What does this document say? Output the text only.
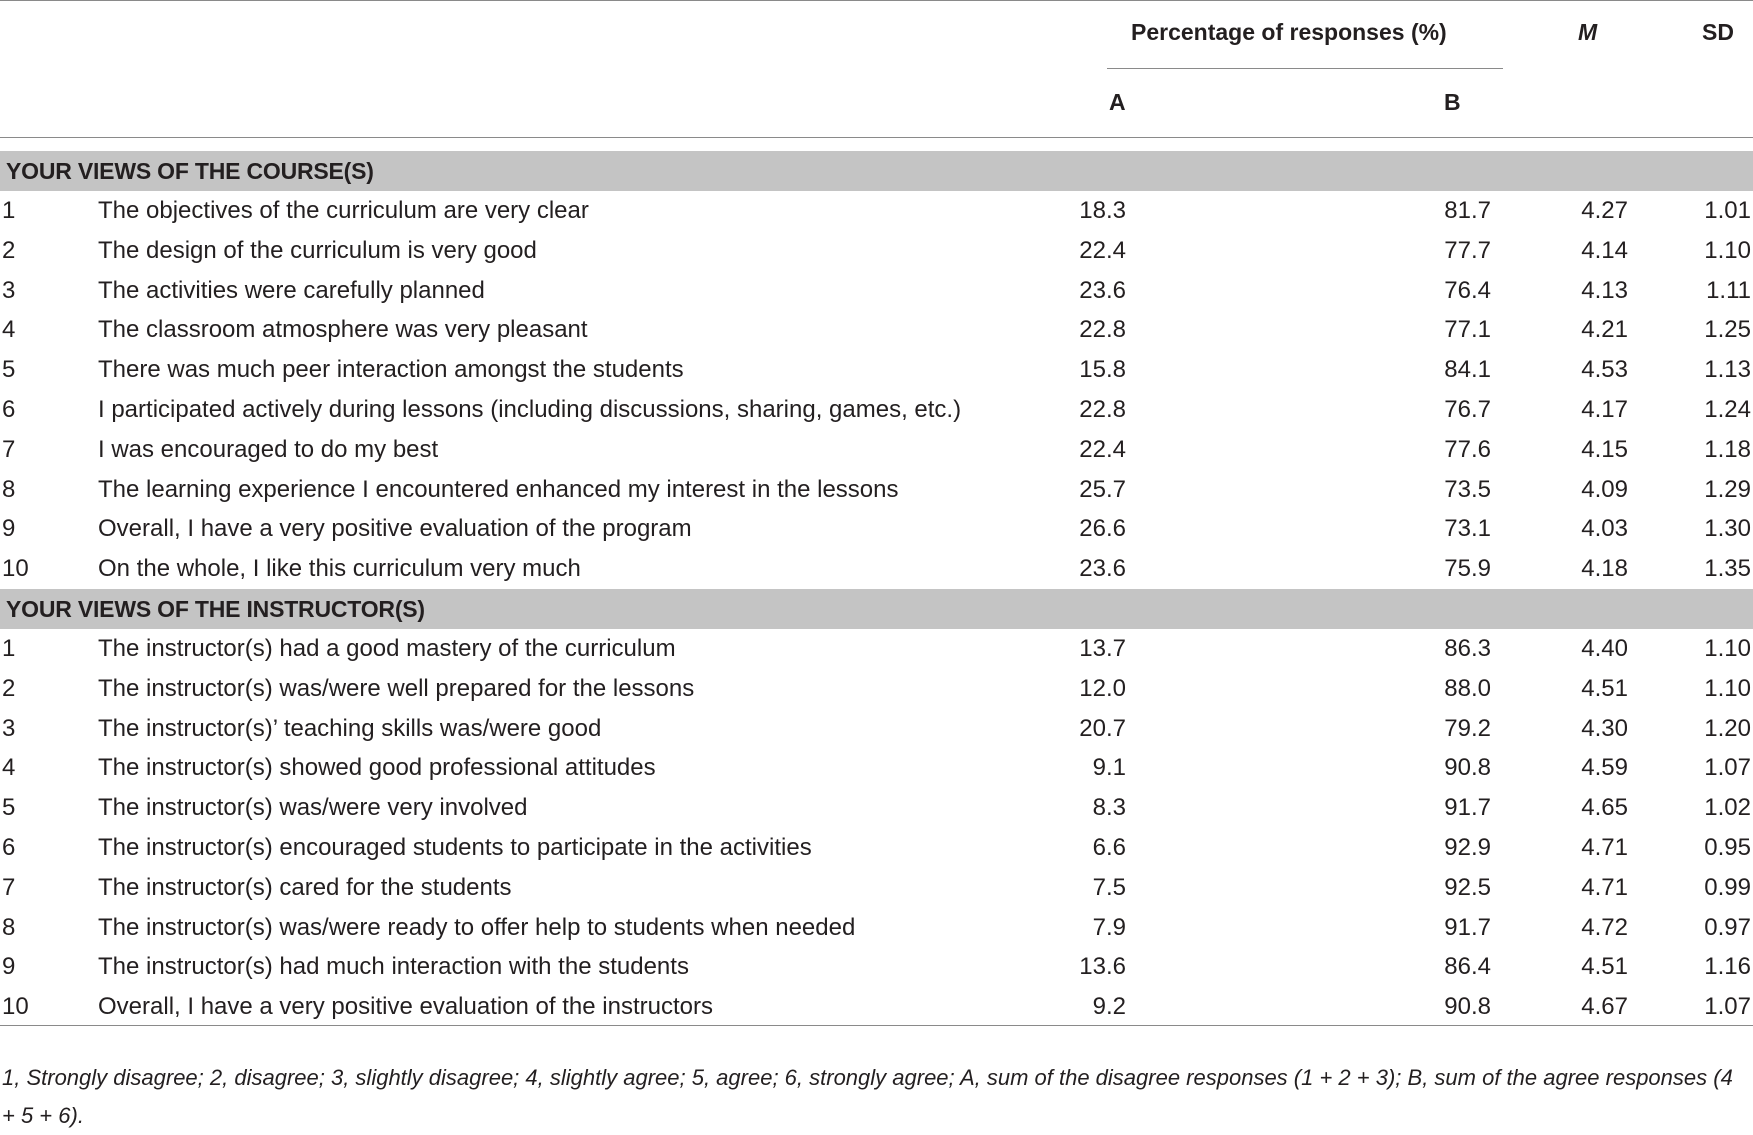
Percentage of responses (%)	M	SD
A	B
YOUR VIEWS OF THE COURSE(S)
1	The objectives of the curriculum are very clear	18.3	81.7	4.27	1.01
2	The design of the curriculum is very good	22.4	77.7	4.14	1.10
3	The activities were carefully planned	23.6	76.4	4.13	1.11
4	The classroom atmosphere was very pleasant	22.8	77.1	4.21	1.25
5	There was much peer interaction amongst the students	15.8	84.1	4.53	1.13
6	I participated actively during lessons (including discussions, sharing, games, etc.)	22.8	76.7	4.17	1.24
7	I was encouraged to do my best	22.4	77.6	4.15	1.18
8	The learning experience I encountered enhanced my interest in the lessons	25.7	73.5	4.09	1.29
9	Overall, I have a very positive evaluation of the program	26.6	73.1	4.03	1.30
10	On the whole, I like this curriculum very much	23.6	75.9	4.18	1.35
YOUR VIEWS OF THE INSTRUCTOR(S)
1	The instructor(s) had a good mastery of the curriculum	13.7	86.3	4.40	1.10
2	The instructor(s) was/were well prepared for the lessons	12.0	88.0	4.51	1.10
3	The instructor(s)’ teaching skills was/were good	20.7	79.2	4.30	1.20
4	The instructor(s) showed good professional attitudes	9.1	90.8	4.59	1.07
5	The instructor(s) was/were very involved	8.3	91.7	4.65	1.02
6	The instructor(s) encouraged students to participate in the activities	6.6	92.9	4.71	0.95
7	The instructor(s) cared for the students	7.5	92.5	4.71	0.99
8	The instructor(s) was/were ready to offer help to students when needed	7.9	91.7	4.72	0.97
9	The instructor(s) had much interaction with the students	13.6	86.4	4.51	1.16
10	Overall, I have a very positive evaluation of the instructors	9.2	90.8	4.67	1.07
1, Strongly disagree; 2, disagree; 3, slightly disagree; 4, slightly agree; 5, agree; 6, strongly agree; A, sum of the disagree responses (1 + 2 + 3); B, sum of the agree responses (4 + 5 + 6).
